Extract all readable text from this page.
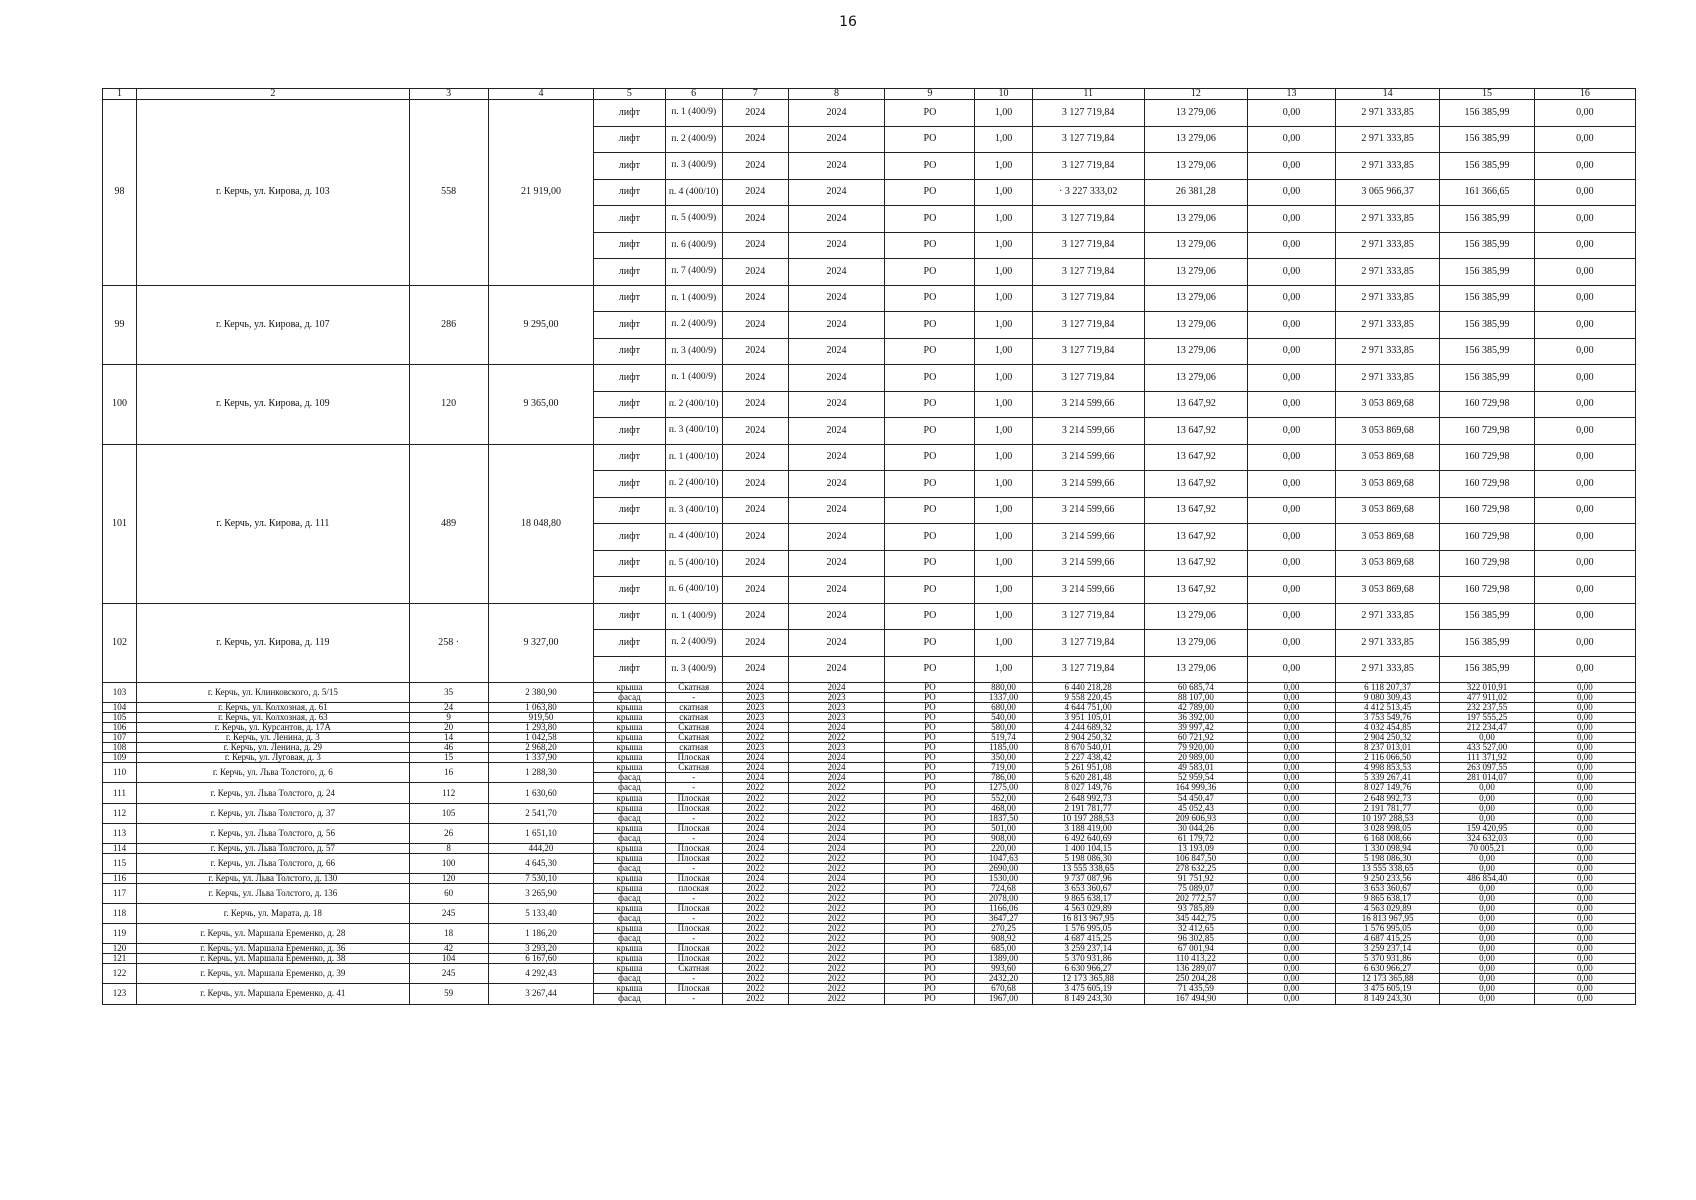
16
1	2	3	4	5	6	7	8	9	10	11	12	13	14	15	16
98	г. Керчь, ул. Кирова, д. 103	558	21 919,00	лифт	п. 1 (400/9)	2024	2024	РО	1,00	3 127 719,84	13 279,06	0,00	2 971 333,85	156 385,99	0,00
				лифт	п. 2 (400/9)	2024	2024	РО	1,00	3 127 719,84	13 279,06	0,00	2 971 333,85	156 385,99	0,00
				лифт	п. 3 (400/9)	2024	2024	РО	1,00	3 127 719,84	13 279,06	0,00	2 971 333,85	156 385,99	0,00
				лифт	п. 4 (400/10)	2024	2024	РО	1,00	· 3 227 333,02	26 381,28	0,00	3 065 966,37	161 366,65	0,00
				лифт	п. 5 (400/9)	2024	2024	РО	1,00	3 127 719,84	13 279,06	0,00	2 971 333,85	156 385,99	0,00
				лифт	п. 6 (400/9)	2024	2024	РО	1,00	3 127 719,84	13 279,06	0,00	2 971 333,85	156 385,99	0,00
				лифт	п. 7 (400/9)	2024	2024	РО	1,00	3 127 719,84	13 279,06	0,00	2 971 333,85	156 385,99	0,00
99	г. Керчь, ул. Кирова, д. 107	286	9 295,00	лифт	п. 1 (400/9)	2024	2024	РО	1,00	3 127 719,84	13 279,06	0,00	2 971 333,85	156 385,99	0,00
				лифт	п. 2 (400/9)	2024	2024	РО	1,00	3 127 719,84	13 279,06	0,00	2 971 333,85	156 385,99	0,00
				лифт	п. 3 (400/9)	2024	2024	РО	1,00	3 127 719,84	13 279,06	0,00	2 971 333,85	156 385,99	0,00
100	г. Керчь, ул. Кирова, д. 109	120	9 365,00	лифт	п. 1 (400/9)	2024	2024	РО	1,00	3 127 719,84	13 279,06	0,00	2 971 333,85	156 385,99	0,00
				лифт	п. 2 (400/10)	2024	2024	РО	1,00	3 214 599,66	13 647,92	0,00	3 053 869,68	160 729,98	0,00
				лифт	п. 3 (400/10)	2024	2024	РО	1,00	3 214 599,66	13 647,92	0,00	3 053 869,68	160 729,98	0,00
101	г. Керчь, ул. Кирова, д. 111	489	18 048,80	лифт	п. 1 (400/10)	2024	2024	РО	1,00	3 214 599,66	13 647,92	0,00	3 053 869,68	160 729,98	0,00
				лифт	п. 2 (400/10)	2024	2024	РО	1,00	3 214 599,66	13 647,92	0,00	3 053 869,68	160 729,98	0,00
				лифт	п. 3 (400/10)	2024	2024	РО	1,00	3 214 599,66	13 647,92	0,00	3 053 869,68	160 729,98	0,00
				лифт	п. 4 (400/10)	2024	2024	РО	1,00	3 214 599,66	13 647,92	0,00	3 053 869,68	160 729,98	0,00
				лифт	п. 5 (400/10)	2024	2024	РО	1,00	3 214 599,66	13 647,92	0,00	3 053 869,68	160 729,98	0,00
				лифт	п. 6 (400/10)	2024	2024	РО	1,00	3 214 599,66	13 647,92	0,00	3 053 869,68	160 729,98	0,00
102	г. Керчь, ул. Кирова, д. 119	258 ·	9 327,00	лифт	п. 1 (400/9)	2024	2024	РО	1,00	3 127 719,84	13 279,06	0,00	2 971 333,85	156 385,99	0,00
				лифт	п. 2 (400/9)	2024	2024	РО	1,00	3 127 719,84	13 279,06	0,00	2 971 333,85	156 385,99	0,00
				лифт	п. 3 (400/9)	2024	2024	РО	1,00	3 127 719,84	13 279,06	0,00	2 971 333,85	156 385,99	0,00
103	г. Керчь, ул. Клинковского, д. 5/15	35	2 380,90	крыша	Скатная	2024	2024	РО	880,00	6 440 218,28	60 685,74	0,00	6 118 207,37	322 010,91	0,00
				фасад	-	2023	2023	РО	1337,00	9 558 220,45	88 107,00	0,00	9 080 309,43	477 911,02	0,00
104	г. Керчь, ул. Колхозная, д. 61	24	1 063,80	крыша	скатная	2023	2023	РО	680,00	4 644 751,00	42 789,00	0,00	4 412 513,45	232 237,55	0,00
105	г. Керчь, ул. Колхозная, д. 63	9	919,50	крыша	скатная	2023	2023	РО	540,00	3 951 105,01	36 392,00	0,00	3 753 549,76	197 555,25	0,00
106	г. Керчь, ул. Курсантов, д. 17А	20	1 293,80	крыша	Скатная	2024	2024	РО	580,00	4 244 689,32	39 997,42	0,00	4 032 454,85	212 234,47	0,00
107	г. Керчь, ул. Ленина, д. 3	14	1 042,58	крыша	Скатная	2022	2022	РО	519,74	2 904 250,32	60 721,92	0,00	2 904 250,32	0,00	0,00
108	г. Керчь, ул. Ленина, д. 29	46	2 968,20	крыша	скатная	2023	2023	РО	1185,00	8 670 540,01	79 920,00	0,00	8 237 013,01	433 527,00	0,00
109	г. Керчь, ул. Луговая, д. 3	15	1 337,90	крыша	Плоская	2024	2024	РО	350,00	2 227 438,42	20 989,00	0,00	2 116 066,50	111 371,92	0,00
110	г. Керчь, ул. Льва Толстого, д. 6	16	1 288,30	крыша	Скатная	2024	2024	РО	719,00	5 261 951,08	49 583,01	0,00	4 998 853,53	263 097,55	0,00
				фасад	-	2024	2024	РО	786,00	5 620 281,48	52 959,54	0,00	5 339 267,41	281 014,07	0,00
111	г. Керчь, ул. Льва Толстого, д. 24	112	1 630,60	фасад	-	2022	2022	РО	1275,00	8 027 149,76	164 999,36	0,00	8 027 149,76	0,00	0,00
				крыша	Плоская	2022	2022	РО	552,00	2 648 992,73	54 450,47	0,00	2 648 992,73	0,00	0,00
112	г. Керчь, ул. Льва Толстого, д. 37	105	2 541,70	крыша	Плоская	2022	2022	РО	468,00	2 191 781,77	45 052,43	0,00	2 191 781,77	0,00	0,00
				фасад	-	2022	2022	РО	1837,50	10 197 288,53	209 606,93	0,00	10 197 288,53	0,00	0,00
113	г. Керчь, ул. Льва Толстого, д. 56	26	1 651,10	крыша	Плоская	2024	2024	РО	501,00	3 188 419,00	30 044,26	0,00	3 028 998,05	159 420,95	0,00
				фасад	-	2024	2024	РО	908,00	6 492 640,69	61 179,72	0,00	6 168 008,66	324 632,03	0,00
114	г. Керчь, ул. Льва Толстого, д. 57	8	444,20	крыша	Плоская	2024	2024	РО	220,00	1 400 104,15	13 193,09	0,00	1 330 098,94	70 005,21	0,00
115	г. Керчь, ул. Льва Толстого, д. 66	100	4 645,30	крыша	Плоская	2022	2022	РО	1047,63	5 198 086,30	106 847,50	0,00	5 198 086,30	0,00	0,00
				фасад	-	2022	2022	РО	2690,00	13 555 338,65	278 632,25	0,00	13 555 338,65	0,00	0,00
116	г. Керчь, ул. Льва Толстого, д. 130	120	7 530,10	крыша	Плоская	2024	2024	РО	1530,00	9 737 087,96	91 751,92	0,00	9 250 233,56	486 854,40	0,00
117	г. Керчь, ул. Льва Толстого, д. 136	60	3 265,90	крыша	плоская	2022	2022	РО	724,68	3 653 360,67	75 089,07	0,00	3 653 360,67	0,00	0,00
				фасад	-	2022	2022	РО	2078,00	9 865 638,17	202 772,57	0,00	9 865 638,17	0,00	0,00
118	г. Керчь, ул. Марата, д. 18	245	5 133,40	крыша	Плоская	2022	2022	РО	1166,06	4 563 029,89	93 785,89	0,00	4 563 029,89	0,00	0,00
				фасад	-	2022	2022	РО	3647,27	16 813 967,95	345 442,75	0,00	16 813 967,95	0,00	0,00
119	г. Керчь, ул. Маршала Еременко, д. 28	18	1 186,20	крыша	Плоская	2022	2022	РО	270,25	1 576 995,05	32 412,65	0,00	1 576 995,05	0,00	0,00
				фасад	-	2022	2022	РО	908,92	4 687 415,25	96 302,85	0,00	4 687 415,25	0,00	0,00
120	г. Керчь, ул. Маршала Еременко, д. 36	42	3 293,20	крыша	Плоская	2022	2022	РО	685,00	3 259 237,14	67 001,94	0,00	3 259 237,14	0,00	0,00
121	г. Керчь, ул. Маршала Еременко, д. 38	104	6 167,60	крыша	Плоская	2022	2022	РО	1389,00	5 370 931,86	110 413,22	0,00	5 370 931,86	0,00	0,00
122	г. Керчь, ул. Маршала Еременко, д. 39	245	4 292,43	крыша	Скатная	2022	2022	РО	993,60	6 630 966,27	136 289,07	0,00	6 630 966,27	0,00	0,00
				фасад	-	2022	2022	РО	2432,20	12 173 365,88	250 204,28	0,00	12 173 365,88	0,00	0,00
123	г. Керчь, ул. Маршала Еременко, д. 41	59	3 267,44	крыша	Плоская	2022	2022	РО	670,68	3 475 605,19	71 435,59	0,00	3 475 605,19	0,00	0,00
				фасад	-	2022	2022	РО	1967,00	8 149 243,30	167 494,90	0,00	8 149 243,30	0,00	0,00
